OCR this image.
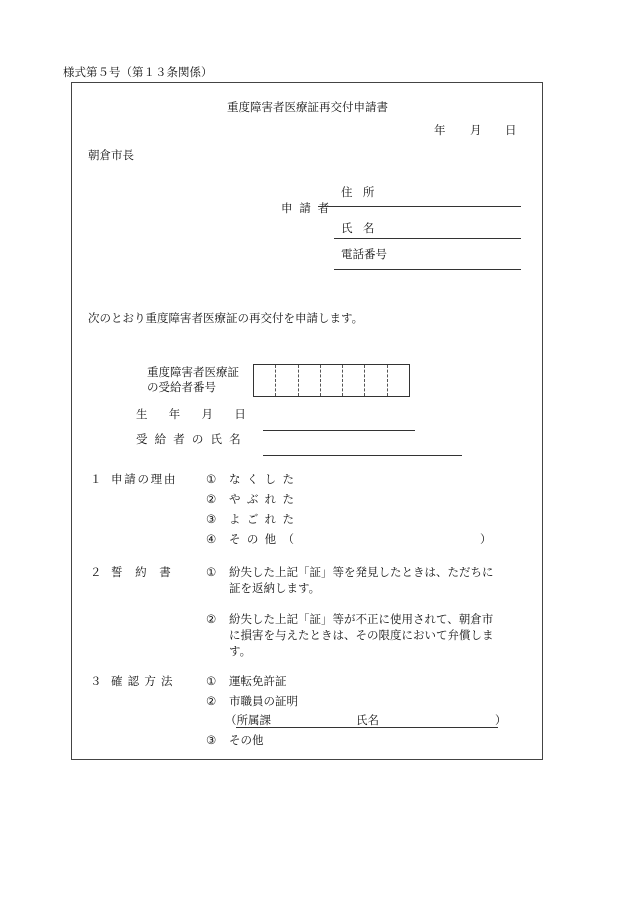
様式第５号（第１３条関係）
重度障害者医療証再交付申請書
年 月 日
朝倉市長
申請者
住所
氏名
電話番号
次のとおり重度障害者医療証の再交付を申請します。
重度障害者医療証
の受給者番号
生年月日
受給者の氏名
１ 申請の理由	① なくした
② やぶれた
③ よごれた
④ その他（	）
２ 誓約書 ① 紛失した上記「証」等を発見したときは、ただちに
証を返納します。
② 紛失した上記「証」等が不正に使用されて、朝倉市
に損害を与えたときは、その限度において弁償しま
す。
３ 確認方法 ① 運転免許証
② 市職員の証明
（所属課	氏名	）
③ その他
